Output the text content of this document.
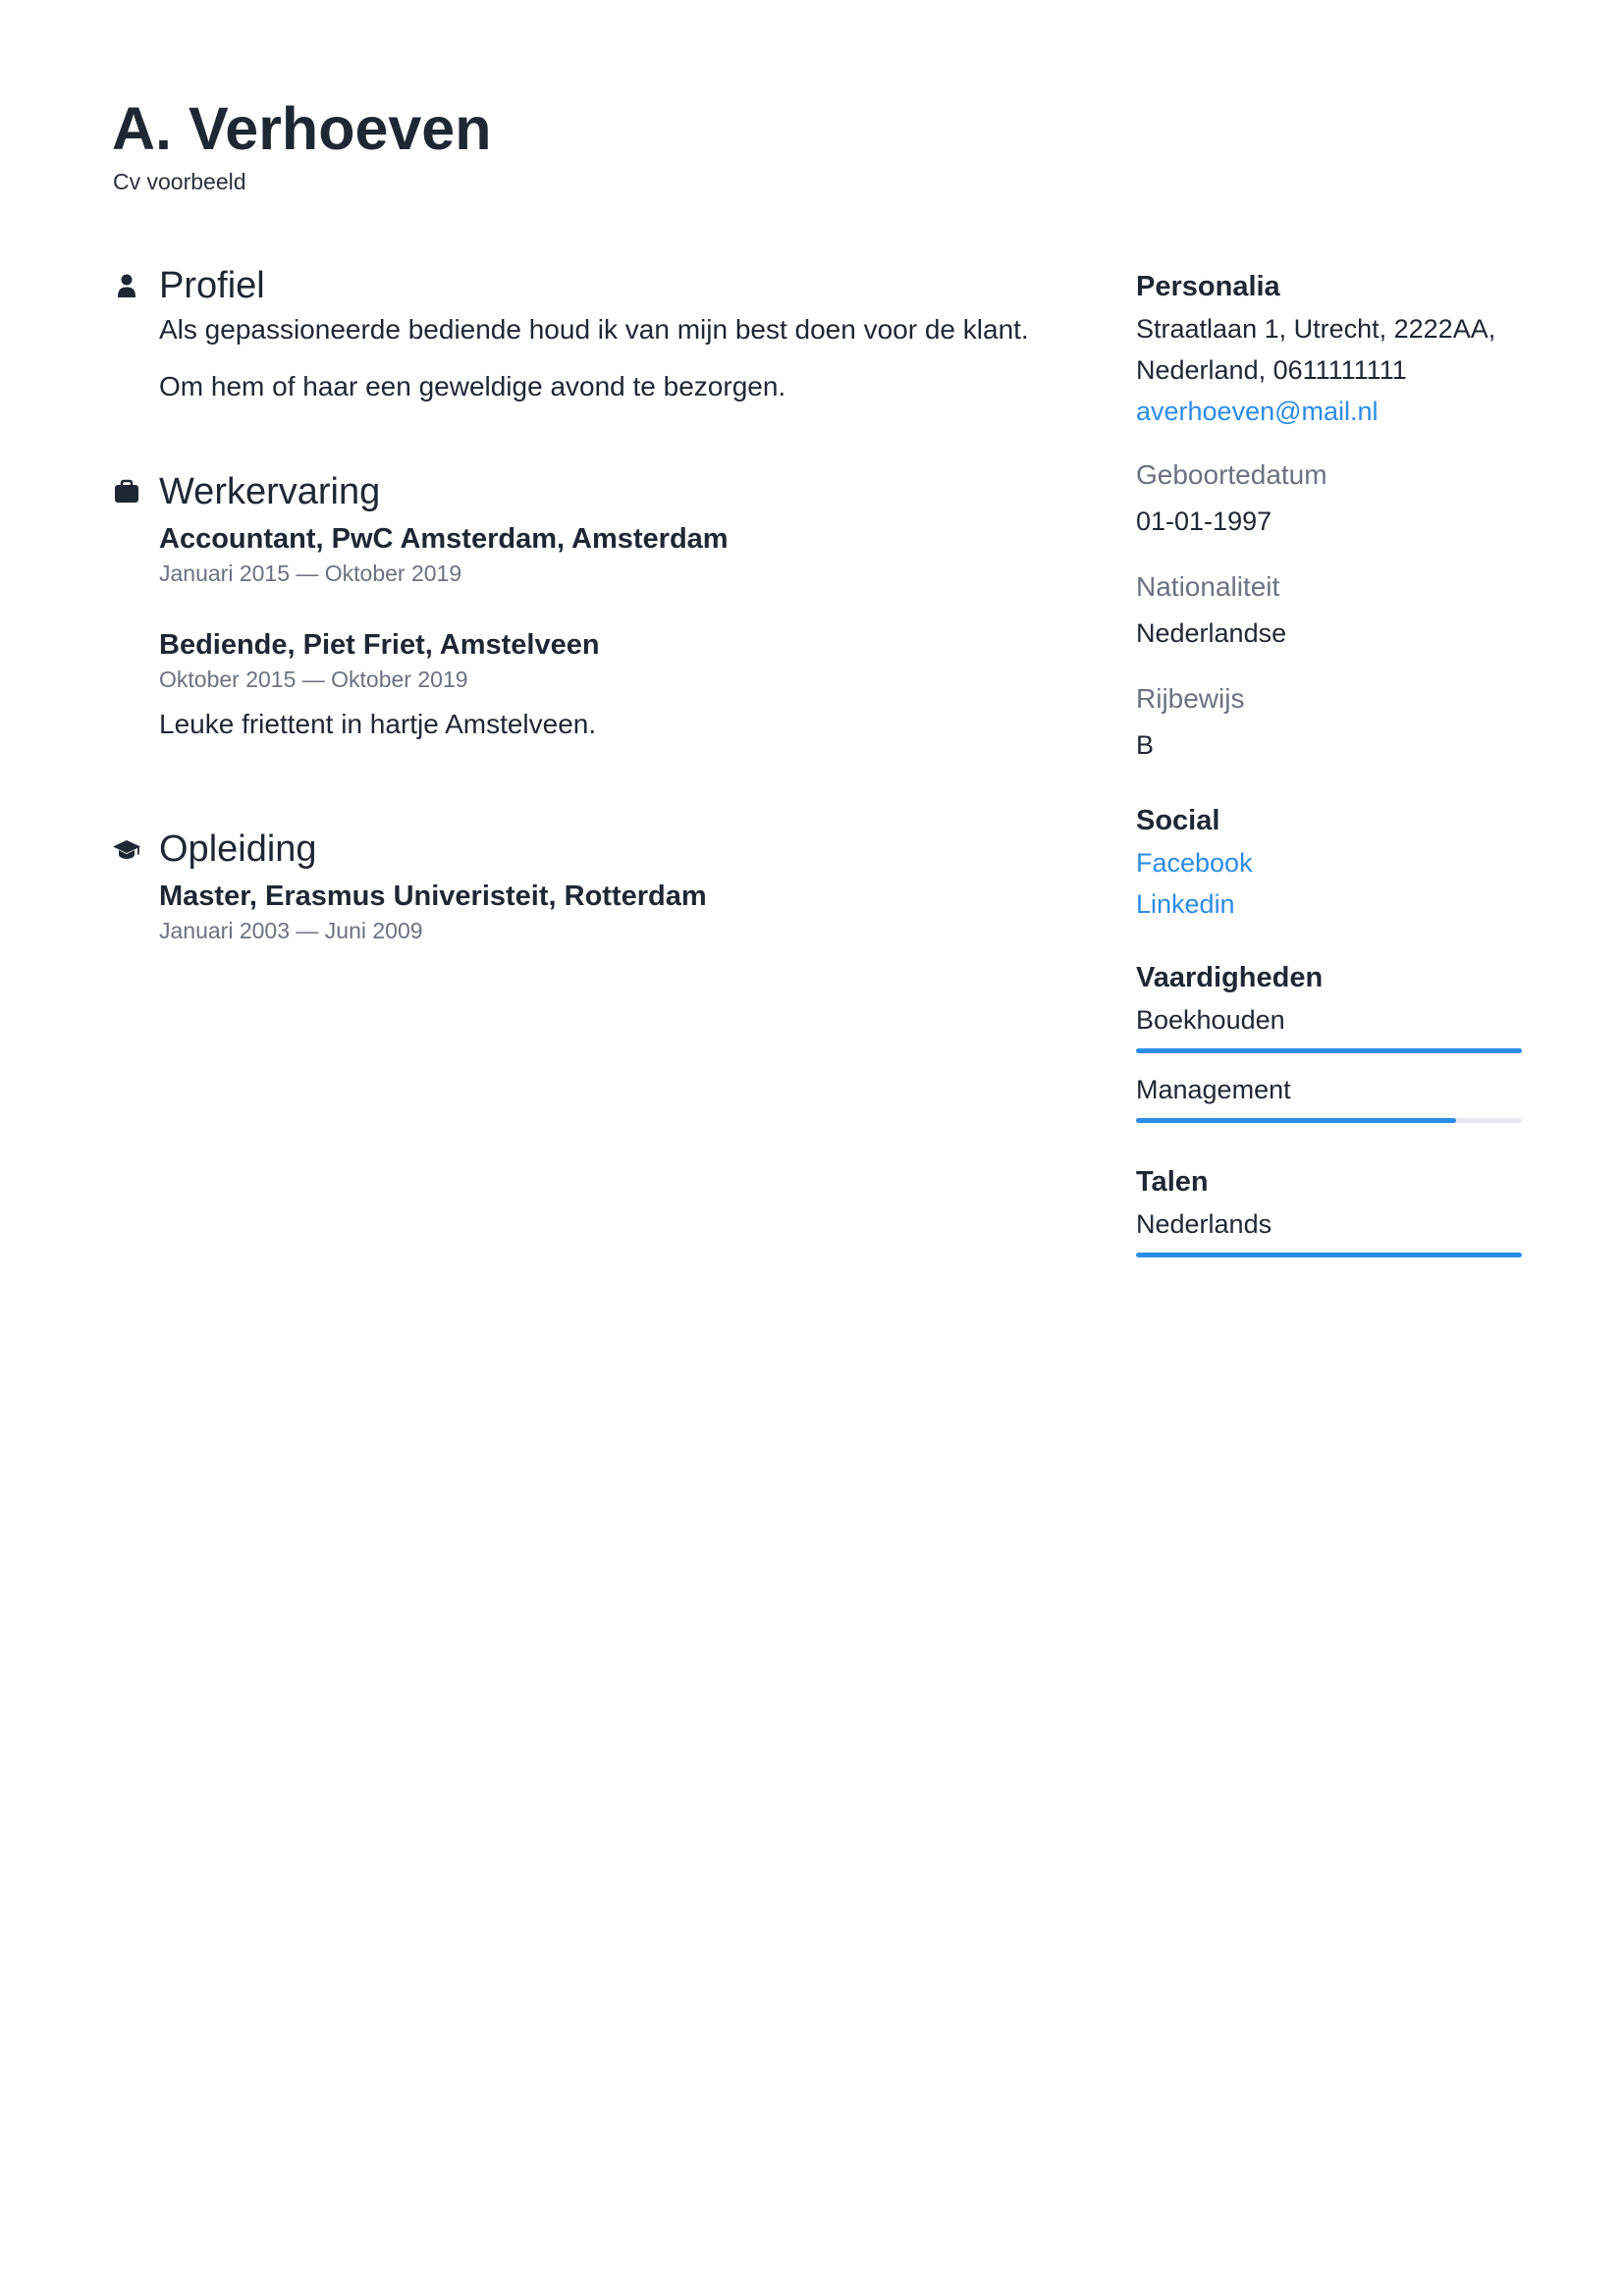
A. Verhoeven
Cv voorbeeld
Profiel
Als gepassioneerde bediende houd ik van mijn best doen voor de klant.
Om hem of haar een geweldige avond te bezorgen.
Werkervaring
Accountant, PwC Amsterdam, Amsterdam
Januari 2015 — Oktober 2019
Bediende, Piet Friet, Amstelveen
Oktober 2015 — Oktober 2019
Leuke friettent in hartje Amstelveen.
Opleiding
Master, Erasmus Univeristeit, Rotterdam
Januari 2003 — Juni 2009
Personalia
Straatlaan 1, Utrecht, 2222AA,
Nederland, 0611111111
averhoeven@mail.nl
Geboortedatum
01-01-1997
Nationaliteit
Nederlandse
Rijbewijs
B
Social
Facebook
Linkedin
Vaardigheden
Boekhouden
Management
Talen
Nederlands
